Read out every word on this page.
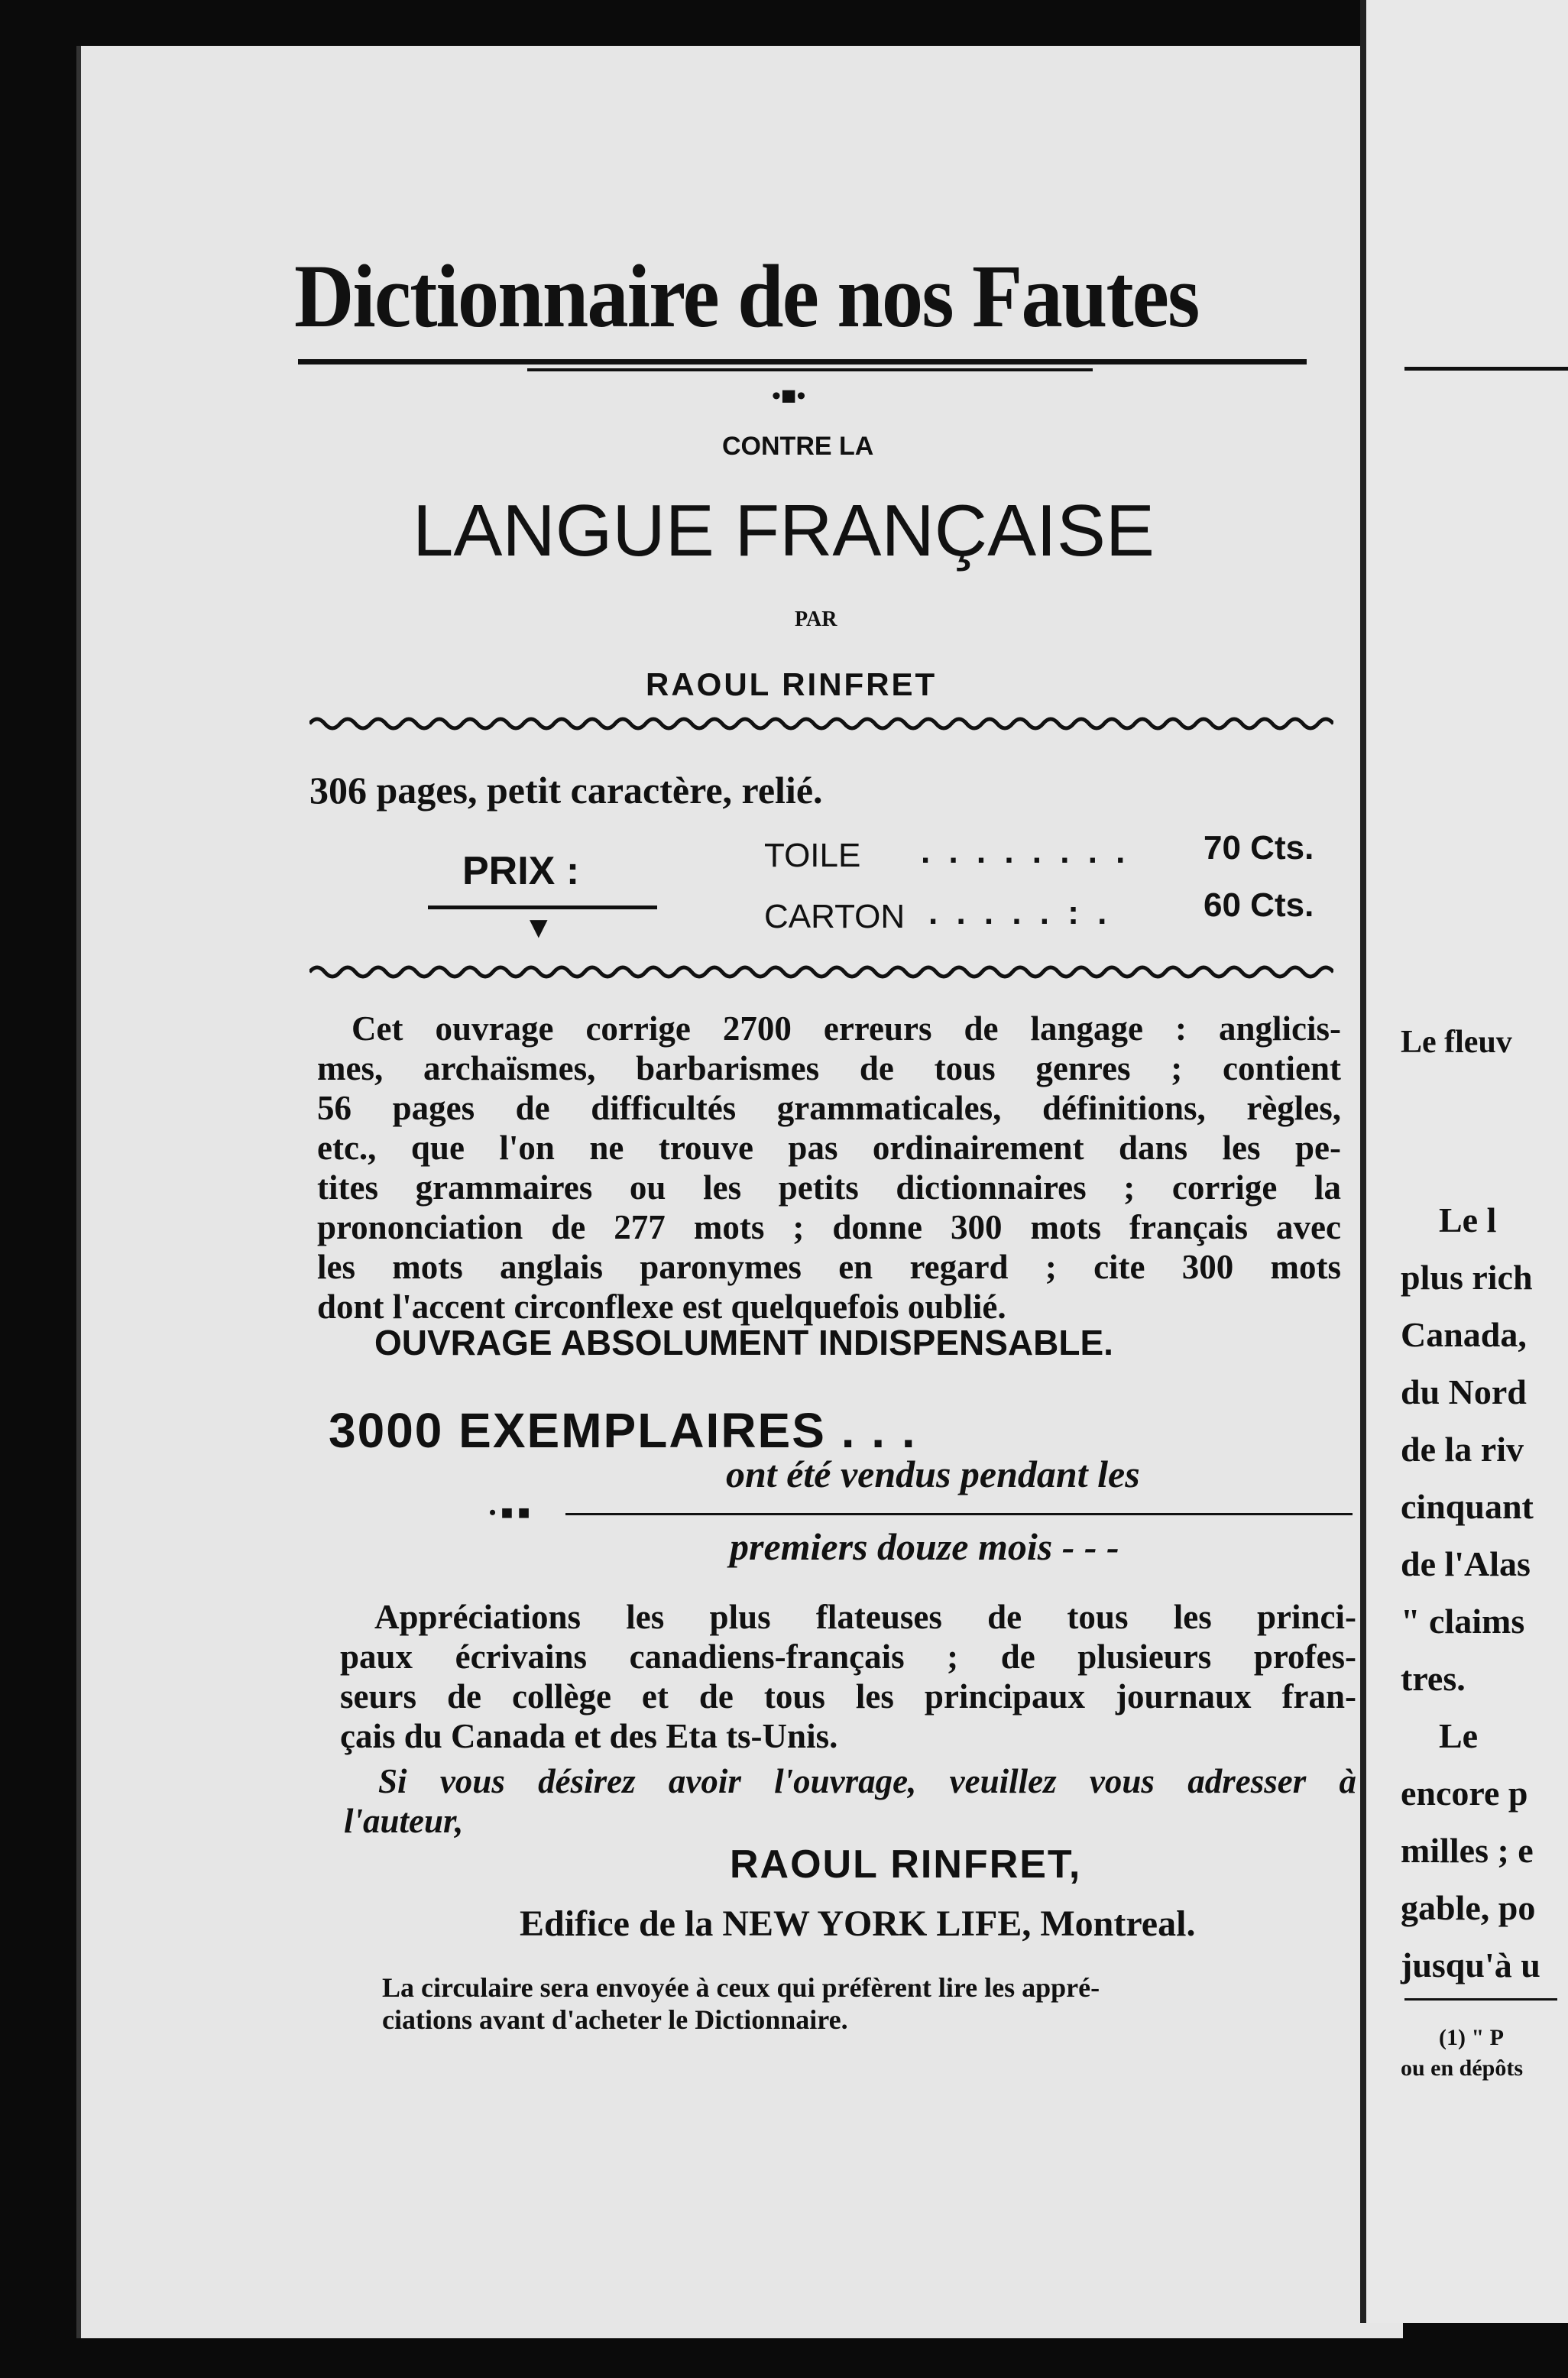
Le fleuv
Le l
plus rich
Canada,
du Nord
de la riv
cinquant
de l'Alas
" claims
tres.
Le
encore p
milles ; e
gable, po
jusqu'à u
(1) " P
ou en dépôts
Dictionnaire de nos Fautes
•■•
CONTRE LA
LANGUE FRANÇAISE
PAR
RAOUL RINFRET
306 pages, petit caractère, relié.
PRIX :
▼
TOILE . . . . . . . . 70 Cts.
CARTON . . . . . : .	60 Cts.
Cet ouvrage corrige 2700 erreurs de langage : anglicis-
mes, archaïsmes, barbarismes de tous genres ; contient
56 pages de difficultés grammaticales, définitions, règles,
etc., que l'on ne trouve pas ordinairement dans les pe-
tites grammaires ou les petits dictionnaires ; corrige la
prononciation de 277 mots ; donne 300 mots français avec
les mots anglais paronymes en regard ; cite 300 mots
dont l'accent circonflexe est quelquefois oublié.
OUVRAGE ABSOLUMENT INDISPENSABLE.
3000 EXEMPLAIRES . . .
ont été vendus pendant les
• ■ ■
premiers douze mois - - -
Appréciations les plus flateuses de tous les princi-
paux écrivains canadiens-français ; de plusieurs profes-
seurs de collège et de tous les principaux journaux fran-
çais du Canada et des Eta ts-Unis.
Si vous désirez avoir l'ouvrage, veuillez vous adresser à
l'auteur,
RAOUL RINFRET,
Edifice de la NEW YORK LIFE, Montreal.
La circulaire sera envoyée à ceux qui préfèrent lire les appré-
ciations avant d'acheter le Dictionnaire.
